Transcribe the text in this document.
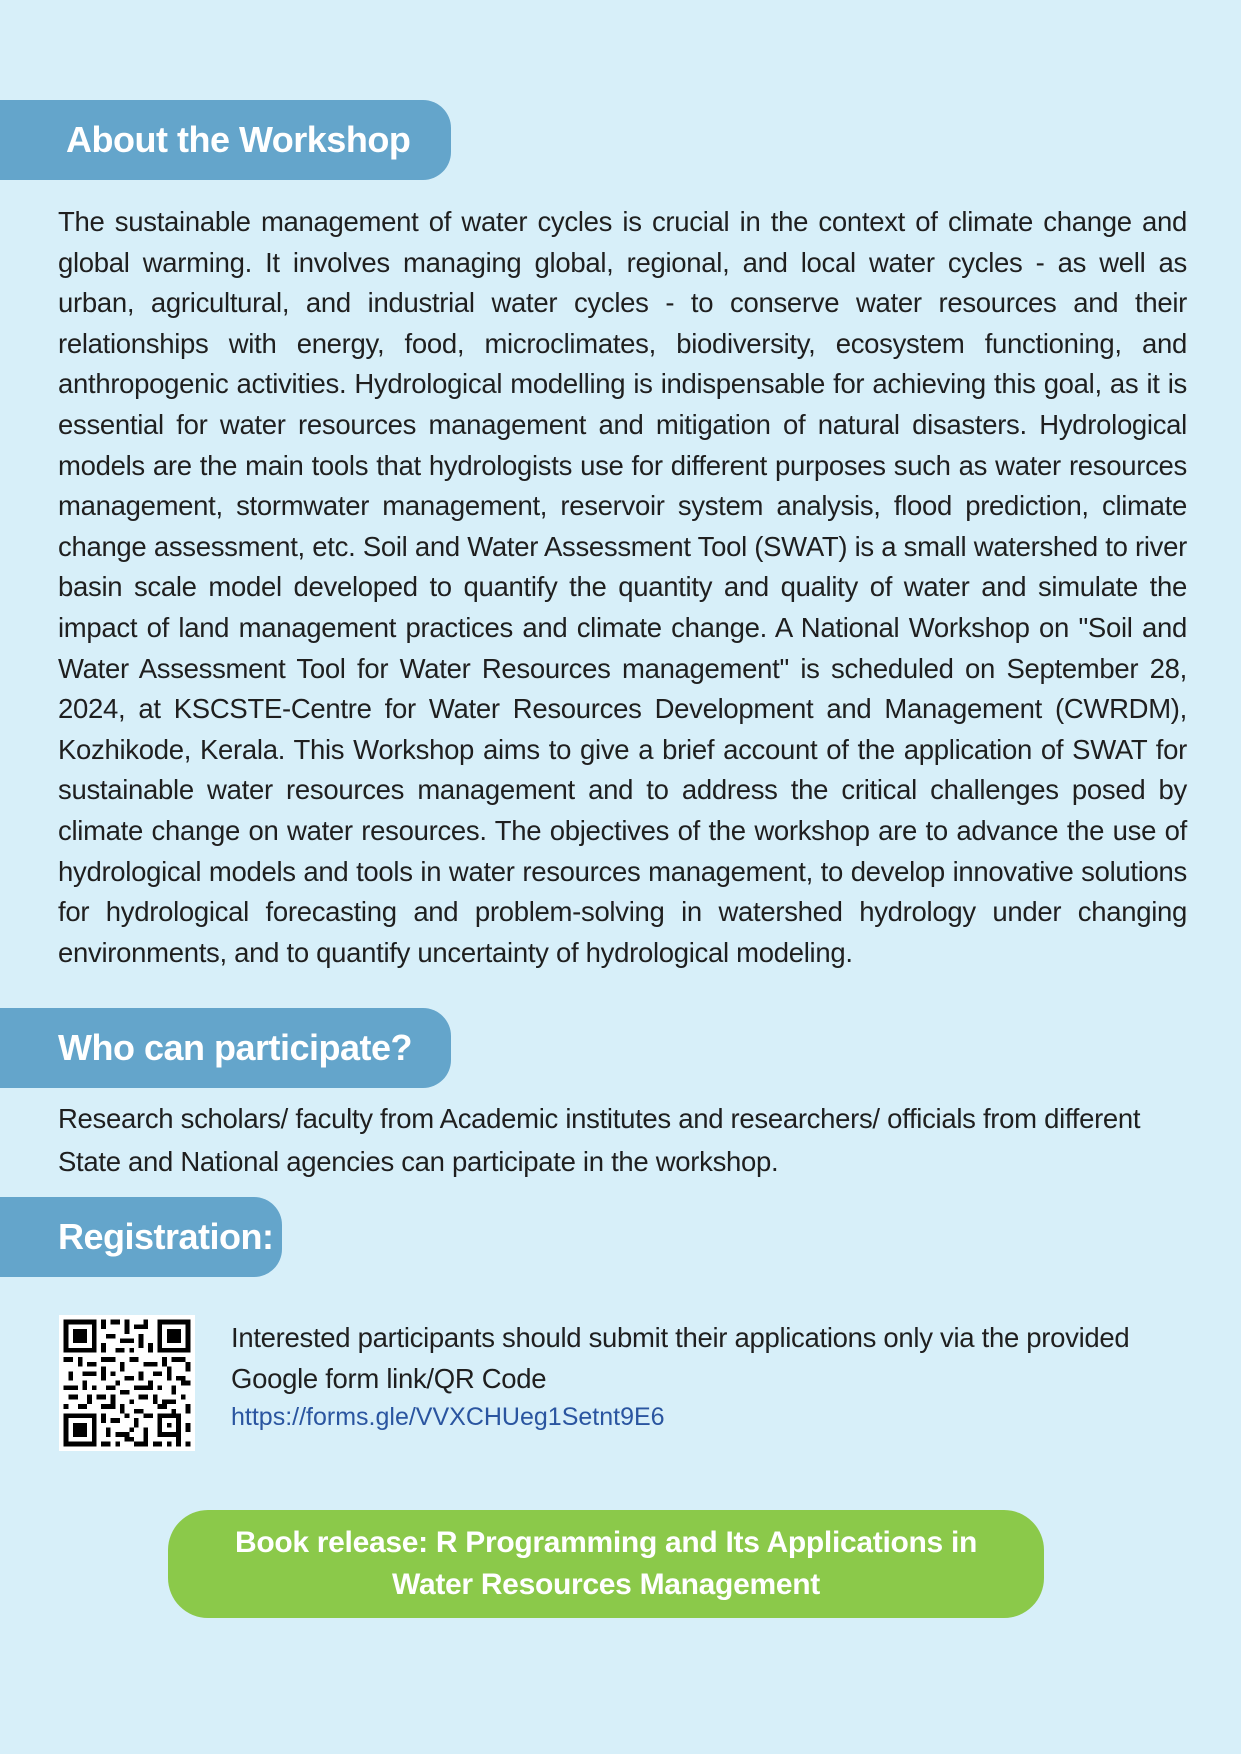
About the Workshop
The sustainable management of water cycles is crucial in the context of climate change and global warming. It involves managing global, regional, and local water cycles - as well as urban, agricultural, and industrial water cycles - to conserve water resources and their relationships with energy, food, microclimates, biodiversity, ecosystem functioning, and anthropogenic activities. Hydrological modelling is indispensable for achieving this goal, as it is essential for water resources management and mitigation of natural disasters. Hydrological models are the main tools that hydrologists use for different purposes such as water resources management, stormwater management, reservoir system analysis, flood prediction, climate change assessment, etc. Soil and Water Assessment Tool (SWAT) is a small watershed to river basin scale model developed to quantify the quantity and quality of water and simulate the impact of land management practices and climate change. A National Workshop on "Soil and Water Assessment Tool for Water Resources management" is scheduled on September 28, 2024, at KSCSTE-Centre for Water Resources Development and Management (CWRDM), Kozhikode, Kerala. This Workshop aims to give a brief account of the application of SWAT for sustainable water resources management and to address the critical challenges posed by climate change on water resources. The objectives of the workshop are to advance the use of hydrological models and tools in water resources management, to develop innovative solutions for hydrological forecasting and problem-solving in watershed hydrology under changing environments, and to quantify uncertainty of hydrological modeling.
Who can participate?
Research scholars/ faculty from Academic institutes and researchers/ officials from different State and National agencies can participate in the workshop.
Registration:
Interested participants should submit their applications only via the provided Google form link/QR Code
https://forms.gle/VVXCHUeg1Setnt9E6
Book release: R Programming and Its Applications in
Water Resources Management
